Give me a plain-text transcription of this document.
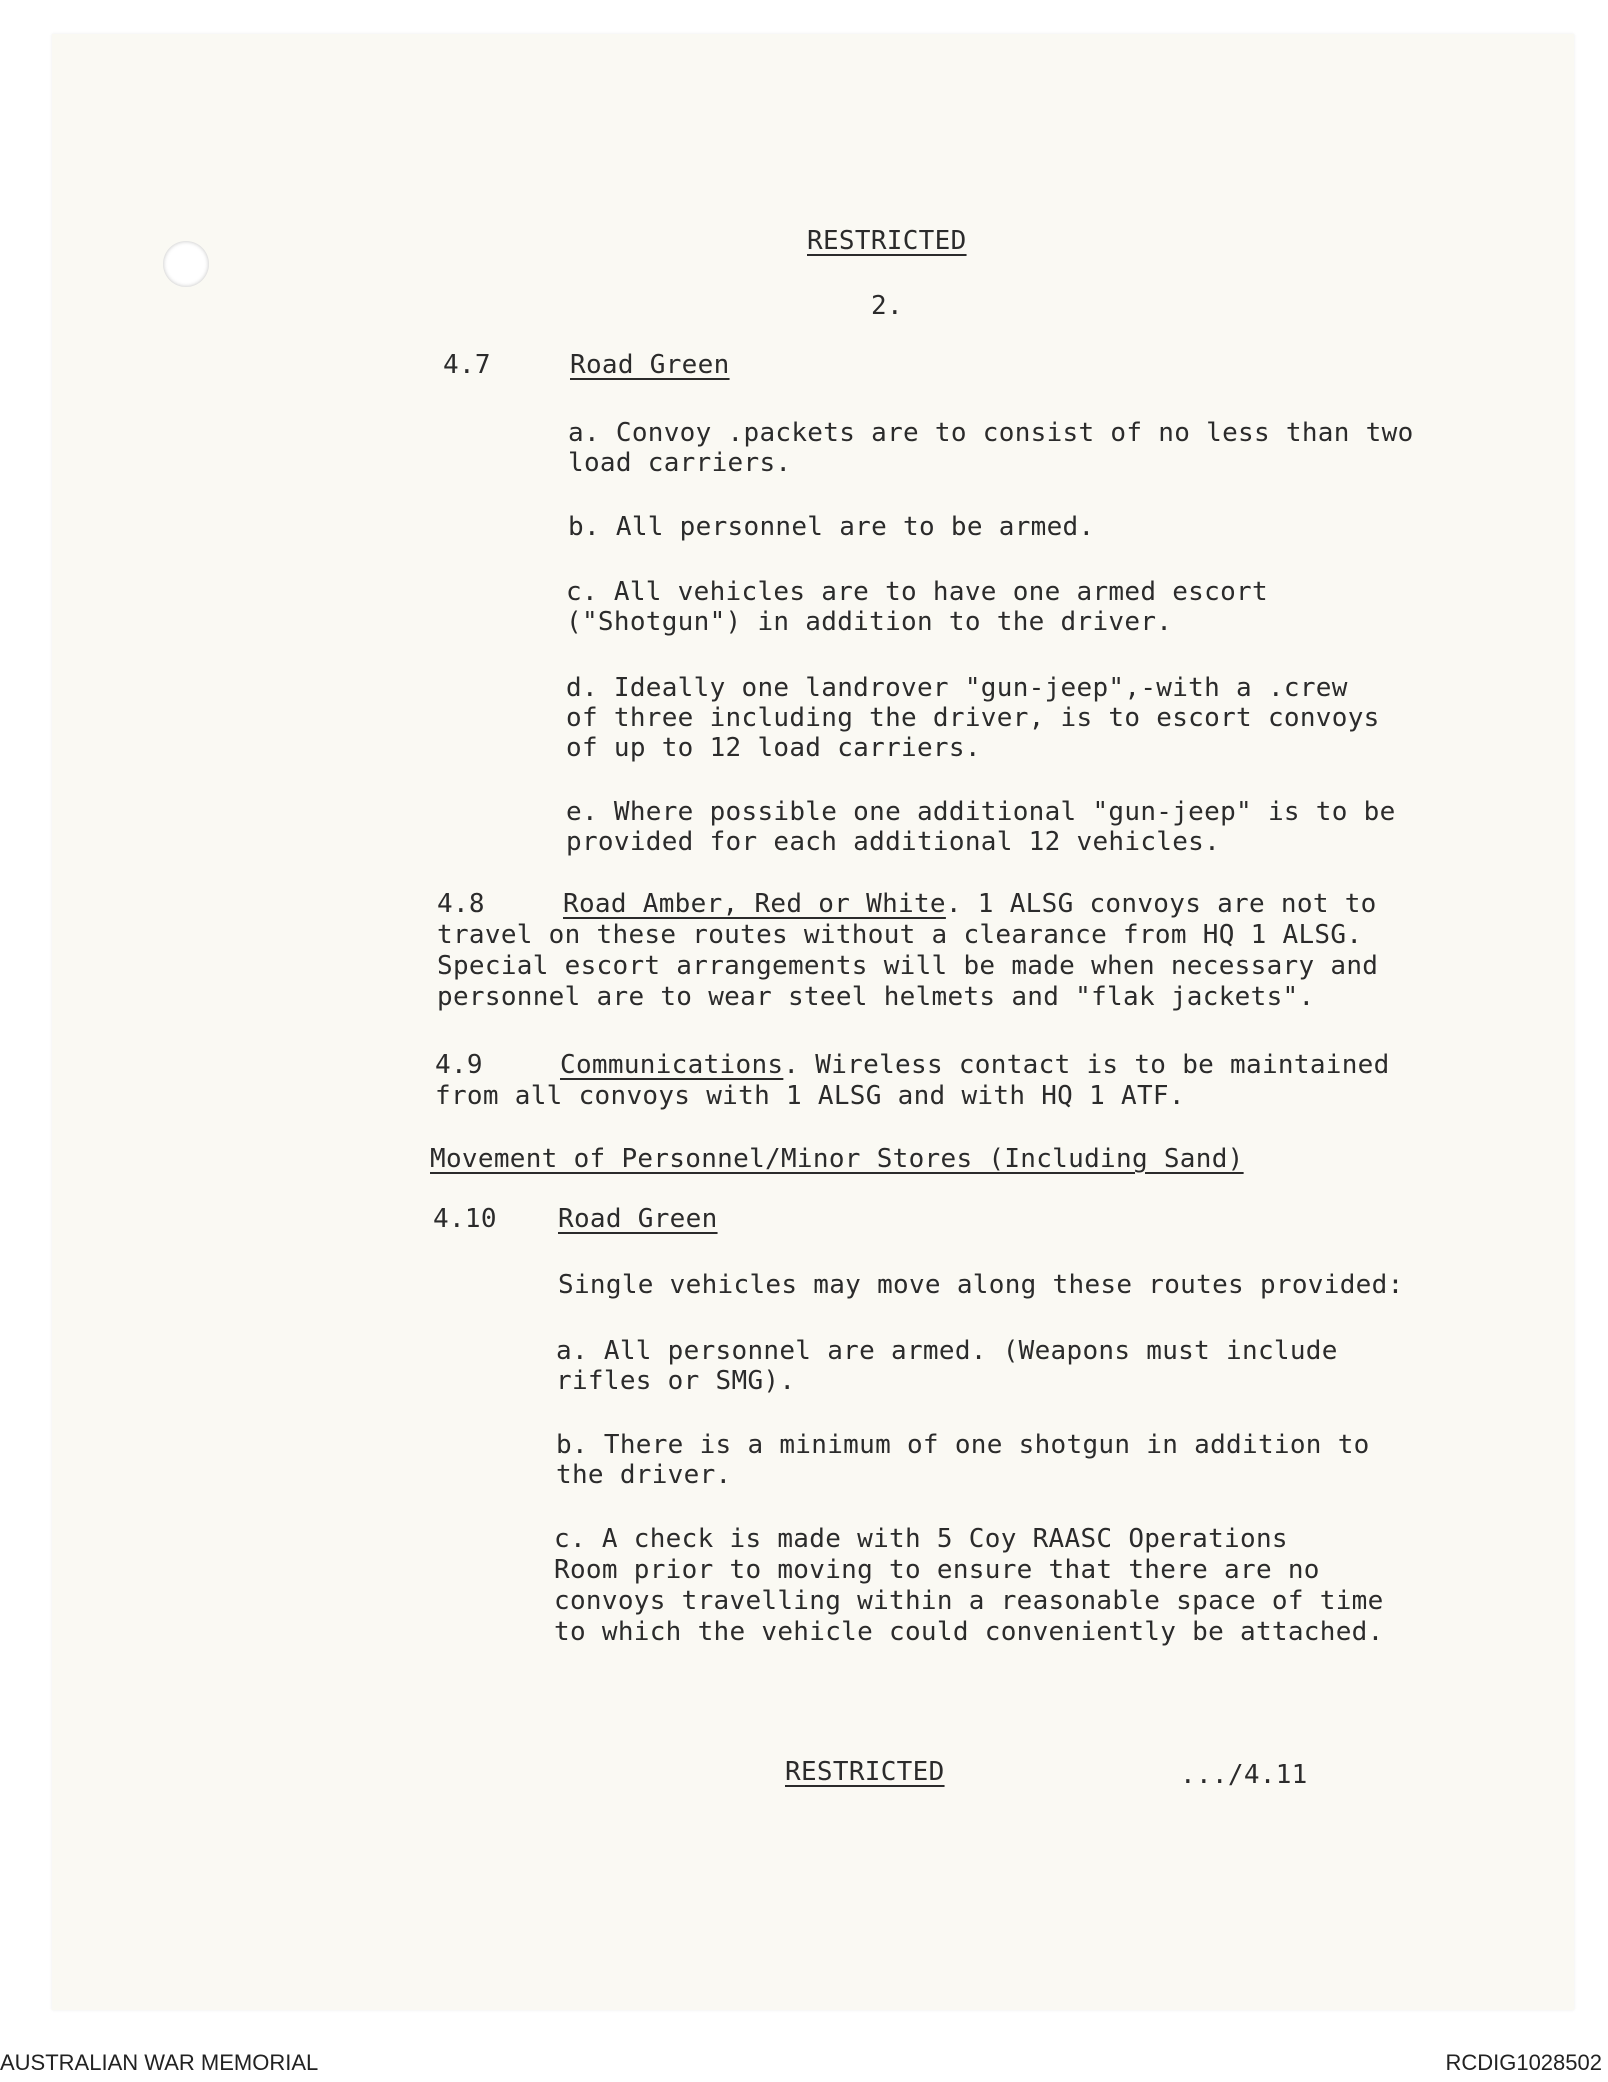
RESTRICTED
2.
4.7	Road Green
a. Convoy .packets are to consist of no less than two
load carriers.
b. All personnel are to be armed.
c. All vehicles are to have one armed escort
("Shotgun") in addition to the driver.
d. Ideally one landrover "gun-jeep",-with a .crew
of three including the driver, is to escort convoys
of up to 12 load carriers.
e. Where possible one additional "gun-jeep" is to be
provided for each additional 12 vehicles.
4.8	Road Amber, Red or White. 1 ALSG convoys are not to
travel on these routes without a clearance from HQ 1 ALSG.
Special escort arrangements will be made when necessary and
personnel are to wear steel helmets and "flak jackets".
4.9	Communications. Wireless contact is to be maintained
from all convoys with 1 ALSG and with HQ 1 ATF.
Movement of Personnel/Minor Stores (Including Sand)
4.10 Road Green
Single vehicles may move along these routes provided:
a. All personnel are armed. (Weapons must include
rifles or SMG).
b. There is a minimum of one shotgun in addition to
the driver.
c. A check is made with 5 Coy RAASC Operations
Room prior to moving to ensure that there are no
convoys travelling within a reasonable space of time
to which the vehicle could conveniently be attached.
RESTRICTED	.../4.11
AUSTRALIAN WAR MEMORIAL	RCDIG1028502
